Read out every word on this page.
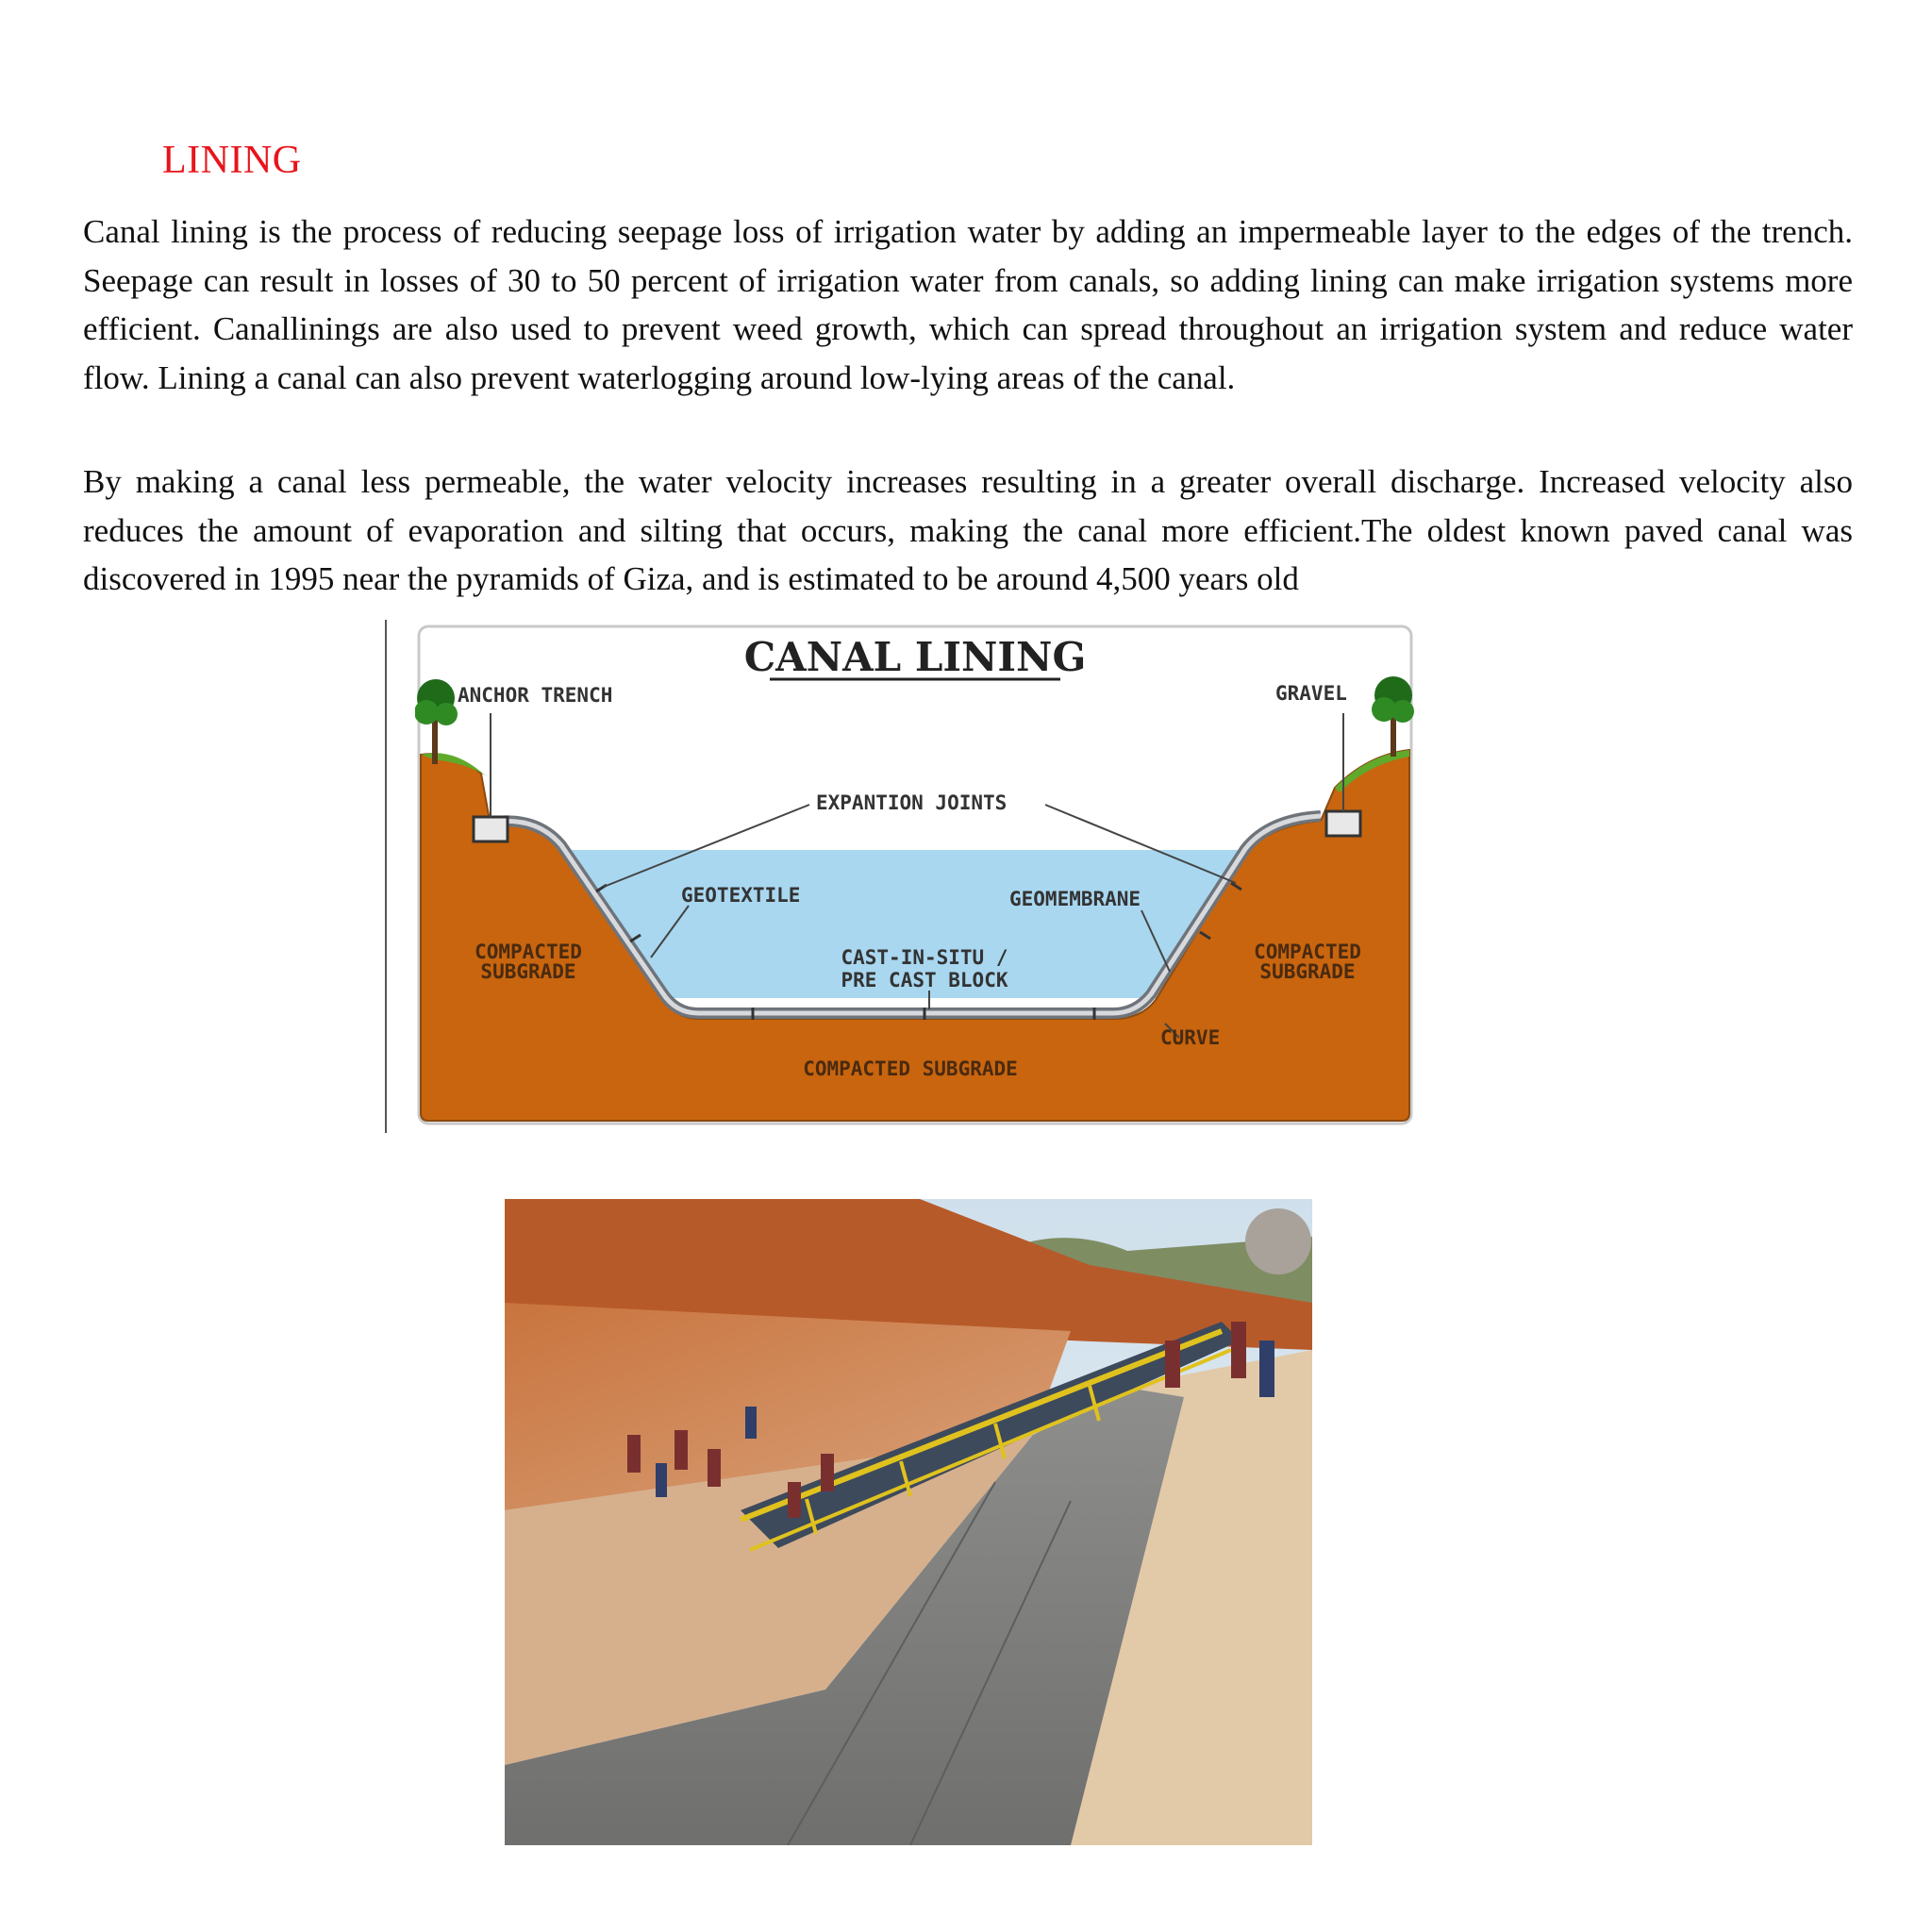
LINING

Canal lining is the process of reducing seepage loss of irrigation water by adding an impermeable layer to the edges of the trench. Seepage can result in losses of 30 to 50 percent of irrigation water from canals, so adding lining can make irrigation systems more efficient. Canallinings are also used to prevent weed growth, which can spread throughout an irrigation system and reduce water flow. Lining a canal can also prevent waterlogging around low-lying areas of the canal.

By making a canal less permeable, the water velocity increases resulting in a greater overall discharge. Increased velocity also reduces the amount of evaporation and silting that occurs, making the canal more efficient.The oldest known paved canal was discovered in 1995 near the pyramids of Giza, and is estimated to be around 4,500 years old

CANAL LINING
ANCHOR TRENCH	GRAVEL
EXPANTION JOINTS
GEOTEXTILE	GEOMEMBRANE
COMPACTED
SUBGRADE
COMPACTED
SUBGRADE
CAST-IN-SITU /
PRE CAST BLOCK
CURVE
COMPACTED SUBGRADE
